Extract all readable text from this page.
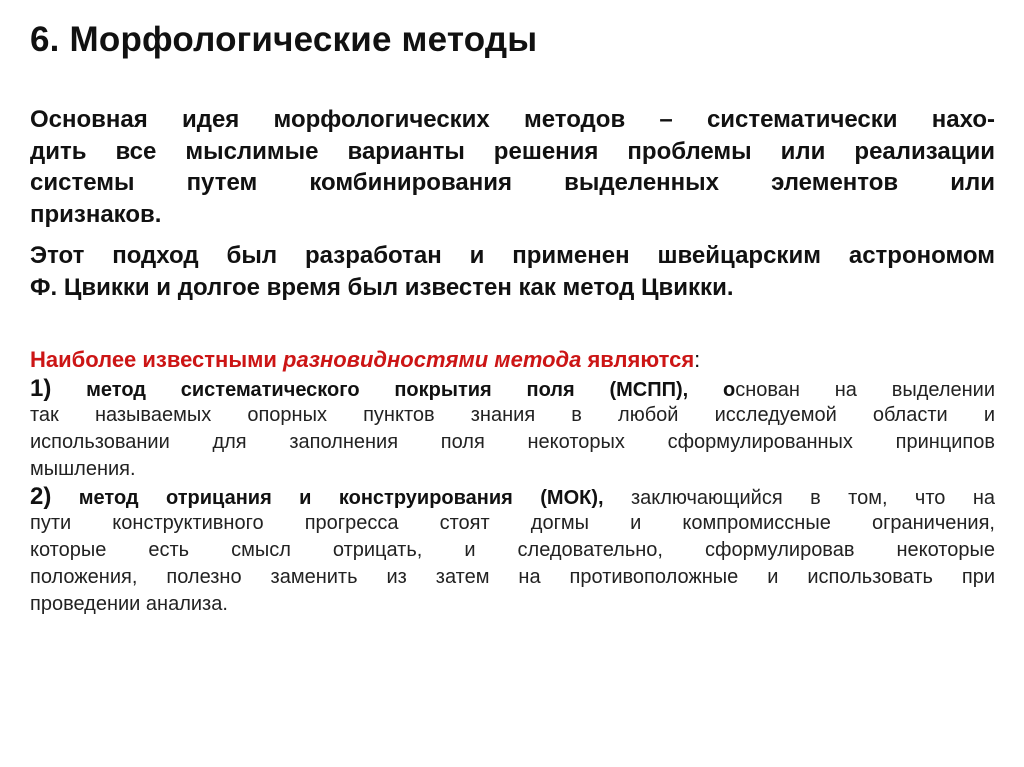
6. Морфологические методы
Основная идея морфологических методов – систематически нахо-
дить все мыслимые варианты решения проблемы или реализации
системы путем комбинирования выделенных элементов или
признаков.
Этот подход был разработан и применен швейцарским астрономом
Ф. Цвикки и долгое время был известен как метод Цвикки.
Наиболее известными разновидностями метода являются:
1) метод систематического покрытия поля (МСПП), основан на выделении
так называемых опорных пунктов знания в любой исследуемой области и
использовании для заполнения поля некоторых сформулированных принципов
мышления.
2) метод отрицания и конструирования (МОК), заключающийся в том, что на
пути конструктивного прогресса стоят догмы и компромиссные ограничения,
которые есть смысл отрицать, и следовательно, сформулировав некоторые
положения, полезно заменить из затем на противоположные и использовать при
проведении анализа.
